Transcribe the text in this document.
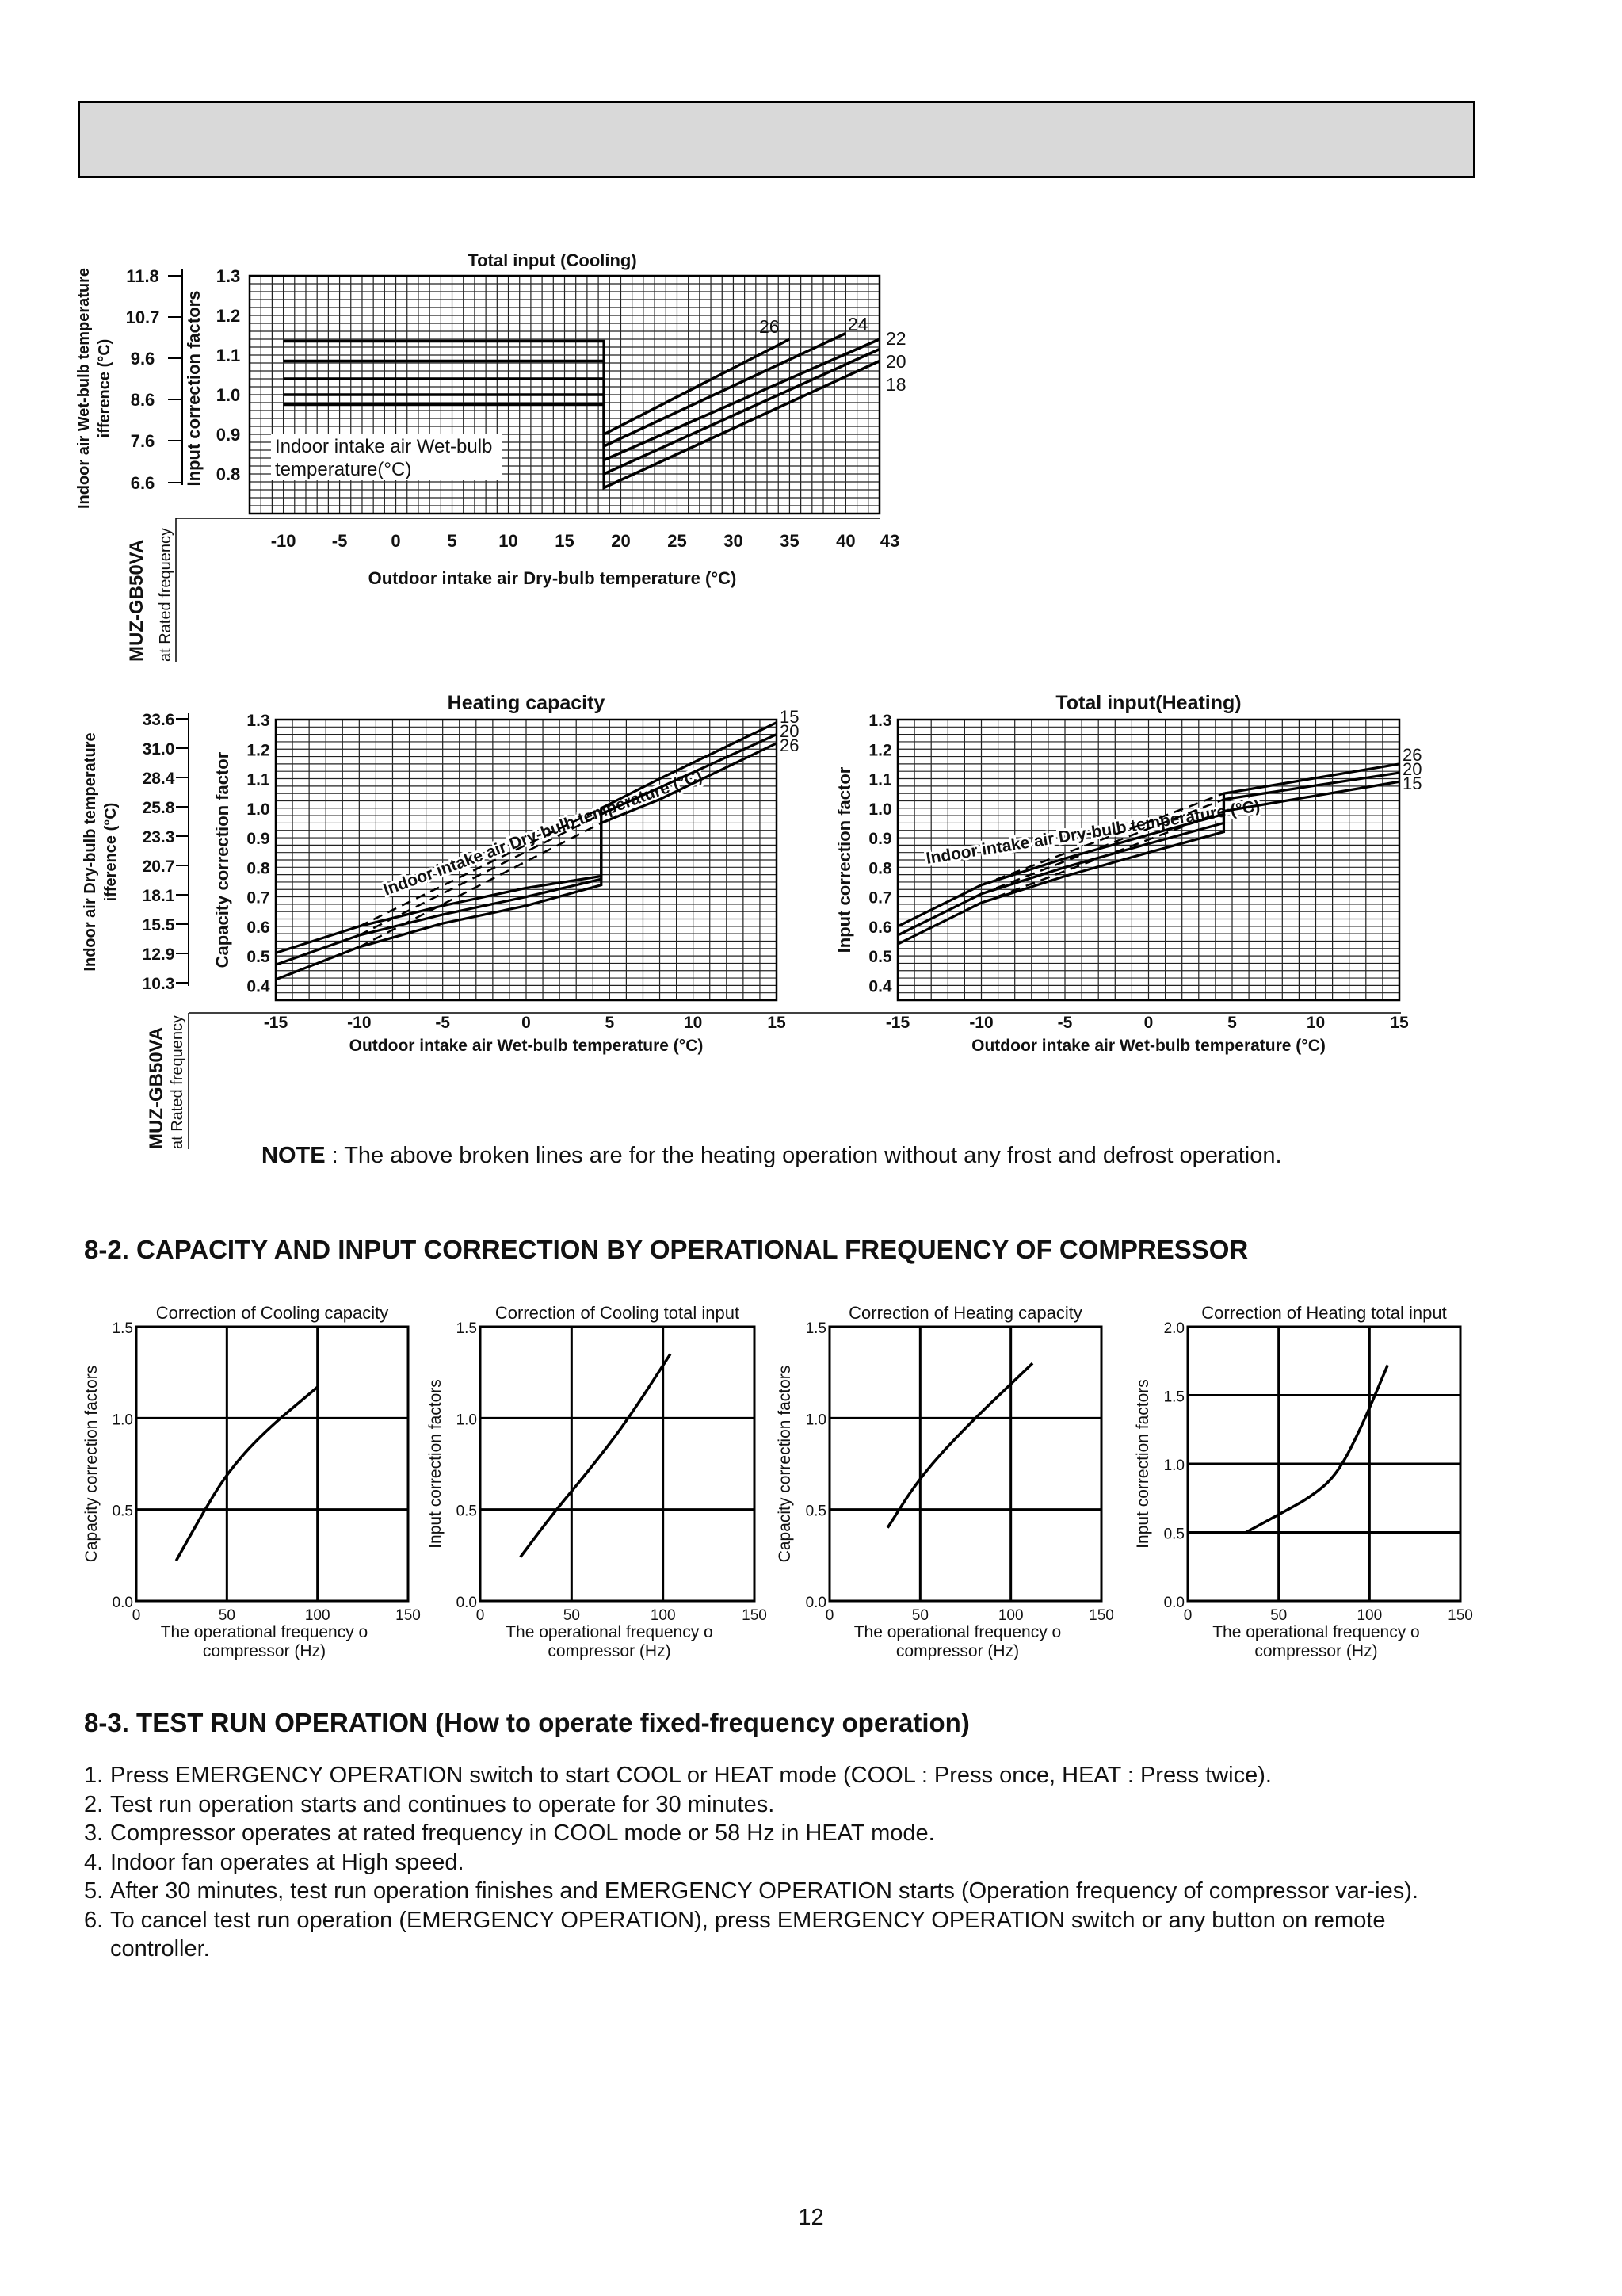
26	24
22
20
18
Total input (Cooling)
Indoor intake air Wet-bulb
temperature(°C)
1.3
1.2
1.1
1.0
0.9
0.8
11.8
10.7
9.6
8.6
7.6
6.6 Input correction factors
Indoor air Wet-bulb temperature ifference (°C)
-10 -5	0	5 10 15 20 25 30 35 40 43
Outdoor intake air Dry-bulb temperature (°C)
MUZ-GB50VA at Rated frequency
Indoor intake air Dry-bulb temperature (°C)
15
20
26
Heating capacity
1.3
1.2
1.1
1.0
0.9
0.8
0.7
0.6
0.5
0.4
Capacity correction factor
-15	-10	-5	0	5	10	15
Outdoor intake air Wet-bulb temperature (°C)
33.6
31.0
28.4
25.8
23.3
20.7
18.1
15.5
12.9
10.3
Indoor air Dry-bulb temperature ifference (°C)
MUZ-GB50VA at Rated frequency
Indoor intake air Dry-bulb temperature (°C)
26
20
15
Total input(Heating)
1.3
1.2
1.1
1.0
0.9
0.8
0.7
0.6
0.5
0.4
Input correction factor
-15	-10	-5	0	5	10	15
Outdoor intake air Wet-bulb temperature (°C)
Correction of Cooling capacity
0.0
0.5
1.0
1.5
0	50	100	150
The operational frequency o
compressor (Hz)
Capacity correction factors
Correction of Cooling total input
0.0
0.5
1.0
1.5
0	50	100	150
The operational frequency o
compressor (Hz)
Input correction factors
Correction of Heating capacity
0.0
0.5
1.0
1.5
0	50	100	150
The operational frequency o
compressor (Hz)
Capacity correction factors
Correction of Heating total input
0.0
0.5
1.0
1.5
2.0
0	50	100	150
The operational frequency o
compressor (Hz)
Input correction factors
NOTE : The above broken lines are for the heating operation without any frost and defrost operation.
8-2. CAPACITY AND INPUT CORRECTION BY OPERATIONAL FREQUENCY OF COMPRESSOR
8-3. TEST RUN OPERATION (How to operate fixed-frequency operation)
1. Press EMERGENCY OPERATION switch to start COOL or HEAT mode (COOL : Press once, HEAT : Press twice).
2. Test run operation starts and continues to operate for 30 minutes.
3. Compressor operates at rated frequency in COOL mode or 58 Hz in HEAT mode.
4. Indoor fan operates at High speed.
5. After 30 minutes, test run operation finishes and EMERGENCY OPERATION starts (Operation frequency of compressor var-ies).
6. To cancel test run operation (EMERGENCY OPERATION), press EMERGENCY OPERATION switch or any button on remote controller.
12
